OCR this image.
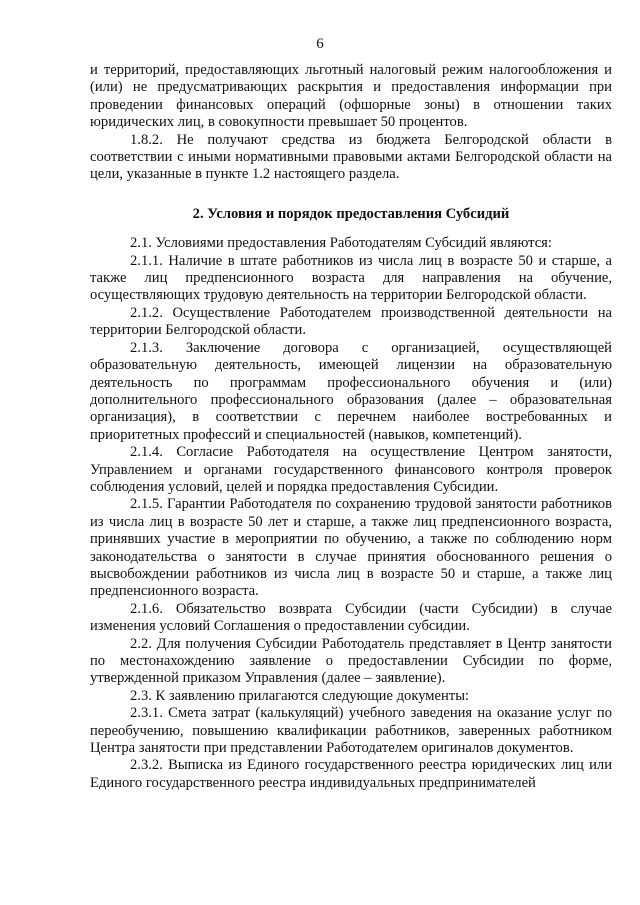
6

и территорий, предоставляющих льготный налоговый режим налогообложения и (или) не предусматривающих раскрытия и предоставления информации при проведении финансовых операций (офшорные зоны) в отношении таких юридических лиц, в совокупности превышает 50 процентов.

1.8.2. Не получают средства из бюджета Белгородской области в соответствии с иными нормативными правовыми актами Белгородской области на цели, указанные в пункте 1.2 настоящего раздела.

2. Условия и порядок предоставления Субсидий

2.1. Условиями предоставления Работодателям Субсидий являются:

2.1.1. Наличие в штате работников из числа лиц в возрасте 50 и старше, а также лиц предпенсионного возраста для направления на обучение, осуществляющих трудовую деятельность на территории Белгородской области.

2.1.2. Осуществление Работодателем производственной деятельности на территории Белгородской области.

2.1.3. Заключение договора с организацией, осуществляющей образовательную деятельность, имеющей лицензии на образовательную деятельность по программам профессионального обучения и (или) дополнительного профессионального образования (далее – образовательная организация), в соответствии с перечнем наиболее востребованных и приоритетных профессий и специальностей (навыков, компетенций).

2.1.4. Согласие Работодателя на осуществление Центром занятости, Управлением и органами государственного финансового контроля проверок соблюдения условий, целей и порядка предоставления Субсидии.

2.1.5. Гарантии Работодателя по сохранению трудовой занятости работников из числа лиц в возрасте 50 лет и старше, а также лиц предпенсионного возраста, принявших участие в мероприятии по обучению, а также по соблюдению норм законодательства о занятости в случае принятия обоснованного решения о высвобождении работников из числа лиц в возрасте 50 и старше, а также лиц предпенсионного возраста.

2.1.6. Обязательство возврата Субсидии (части Субсидии) в случае изменения условий Соглашения о предоставлении субсидии.

2.2. Для получения Субсидии Работодатель представляет в Центр занятости по местонахождению заявление о предоставлении Субсидии по форме, утвержденной приказом Управления (далее – заявление).

2.3. К заявлению прилагаются следующие документы:

2.3.1. Смета затрат (калькуляций) учебного заведения на оказание услуг по переобучению, повышению квалификации работников, заверенных работником Центра занятости при представлении Работодателем оригиналов документов.

2.3.2. Выписка из Единого государственного реестра юридических лиц или Единого государственного реестра индивидуальных предпринимателей
